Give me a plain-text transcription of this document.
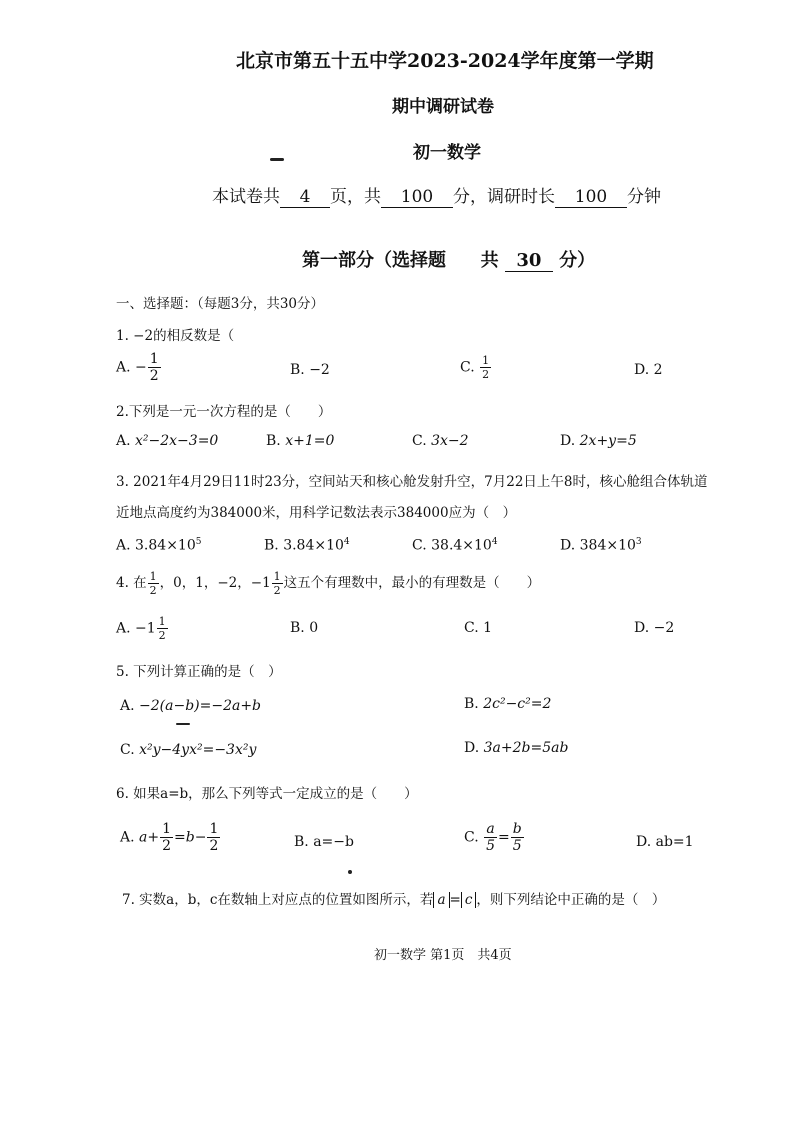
北京市第五十五中学2023-2024学年度第一学期
期中调研试卷
初一数学
本试卷共 4 页，共 100 分，调研时长 100 分钟
第一部分（选择题 共 30 分）
一、选择题：（每题3分，共30分）
1. −2的相反数是（
A. − $\frac{1}{2}$	B. −2	C. $\frac{1}{2}$	D. 2
2.下列是一元一次方程的是（　　）
A. x²−2x−3=0	B. x+1=0	C. 3x−2	D. 2x+y=5
3. 2021年4月29日11时23分，空间站天和核心舱发射升空，7月22日上午8时，核心舱组合体轨道
近地点高度约为384000米，用科学记数法表示384000应为（　）
A. $3.84\times 10^5$	B. $3.84\times 10^4$	C. $38.4\times 10^4$	D. $384\times 10^3$
4. 在 $\frac{1}{2}$ ，0，1，−2，$-1 \frac{1}{2}$ 这五个有理数中，最小的有理数是（　　）
A. $-1 \frac{1}{2}$	B. 0	C. 1	D. −2
5. 下列计算正确的是（　）
A. −2(a−b)=−2a+b	B. 2c²−c²=2
C. x²y−4yx²=−3x²y	D. 3a+2b=5ab
6. 如果a=b，那么下列等式一定成立的是（　　）
A. $a+ \frac{1}{2} =b- \frac{1}{2}$	B. a=−b	C. $\frac{a}{5} = \frac{b}{5}$	D. ab=1
7. 实数a，b，c在数轴上对应点的位置如图所示，若 a = c ，则下列结论中正确的是（　）
初一数学 第1页　共4页
